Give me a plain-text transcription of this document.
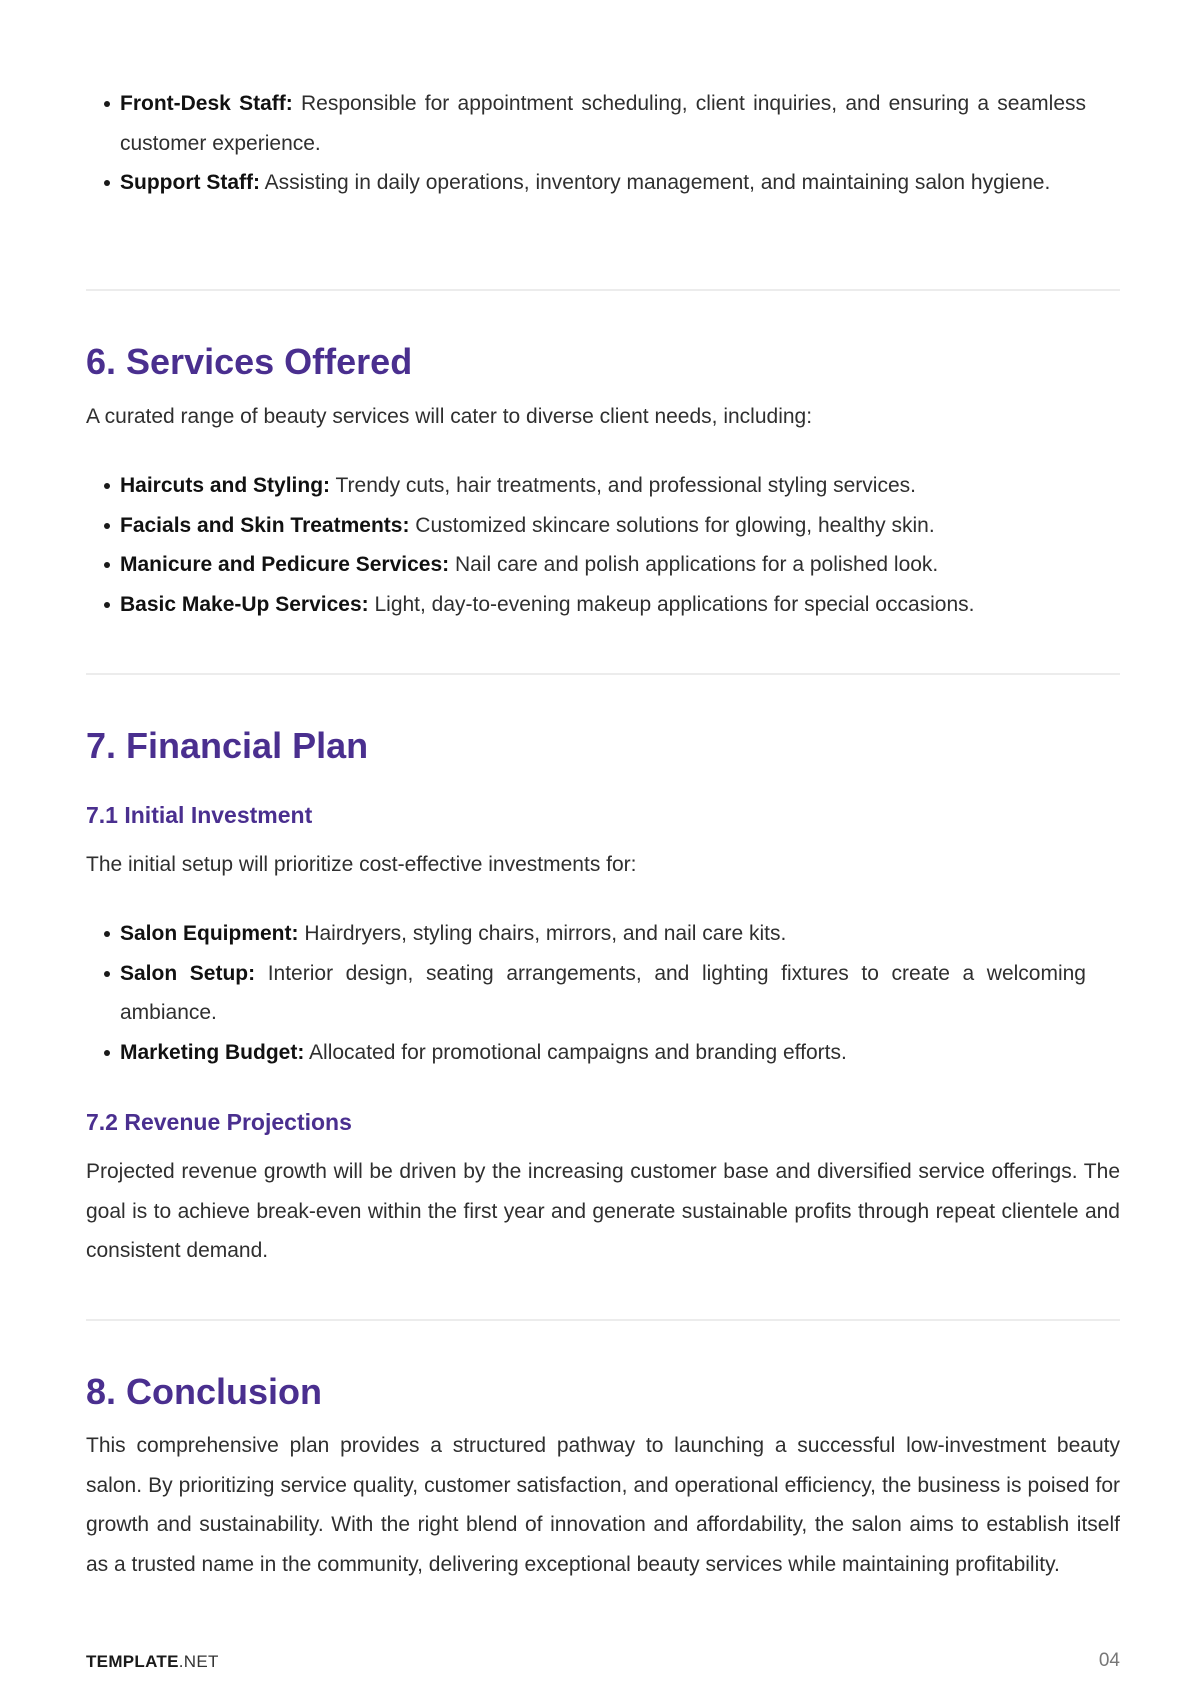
Front-Desk Staff: Responsible for appointment scheduling, client inquiries, and ensuring a seamless customer experience.
Support Staff: Assisting in daily operations, inventory management, and maintaining salon hygiene.
6. Services Offered

A curated range of beauty services will cater to diverse client needs, including:

Haircuts and Styling: Trendy cuts, hair treatments, and professional styling services.
Facials and Skin Treatments: Customized skincare solutions for glowing, healthy skin.
Manicure and Pedicure Services: Nail care and polish applications for a polished look.
Basic Make-Up Services: Light, day-to-evening makeup applications for special occasions.
7. Financial Plan
7.1 Initial Investment

The initial setup will prioritize cost-effective investments for:

Salon Equipment: Hairdryers, styling chairs, mirrors, and nail care kits.
Salon Setup: Interior design, seating arrangements, and lighting fixtures to create a welcoming ambiance.
Marketing Budget: Allocated for promotional campaigns and branding efforts.
7.2 Revenue Projections

Projected revenue growth will be driven by the increasing customer base and diversified service offerings. The goal is to achieve break-even within the first year and generate sustainable profits through repeat clientele and consistent demand.

8. Conclusion

This comprehensive plan provides a structured pathway to launching a successful low-investment beauty salon. By prioritizing service quality, customer satisfaction, and operational efficiency, the business is poised for growth and sustainability. With the right blend of innovation and affordability, the salon aims to establish itself as a trusted name in the community, delivering exceptional beauty services while maintaining profitability.

TEMPLATE.NET	04
